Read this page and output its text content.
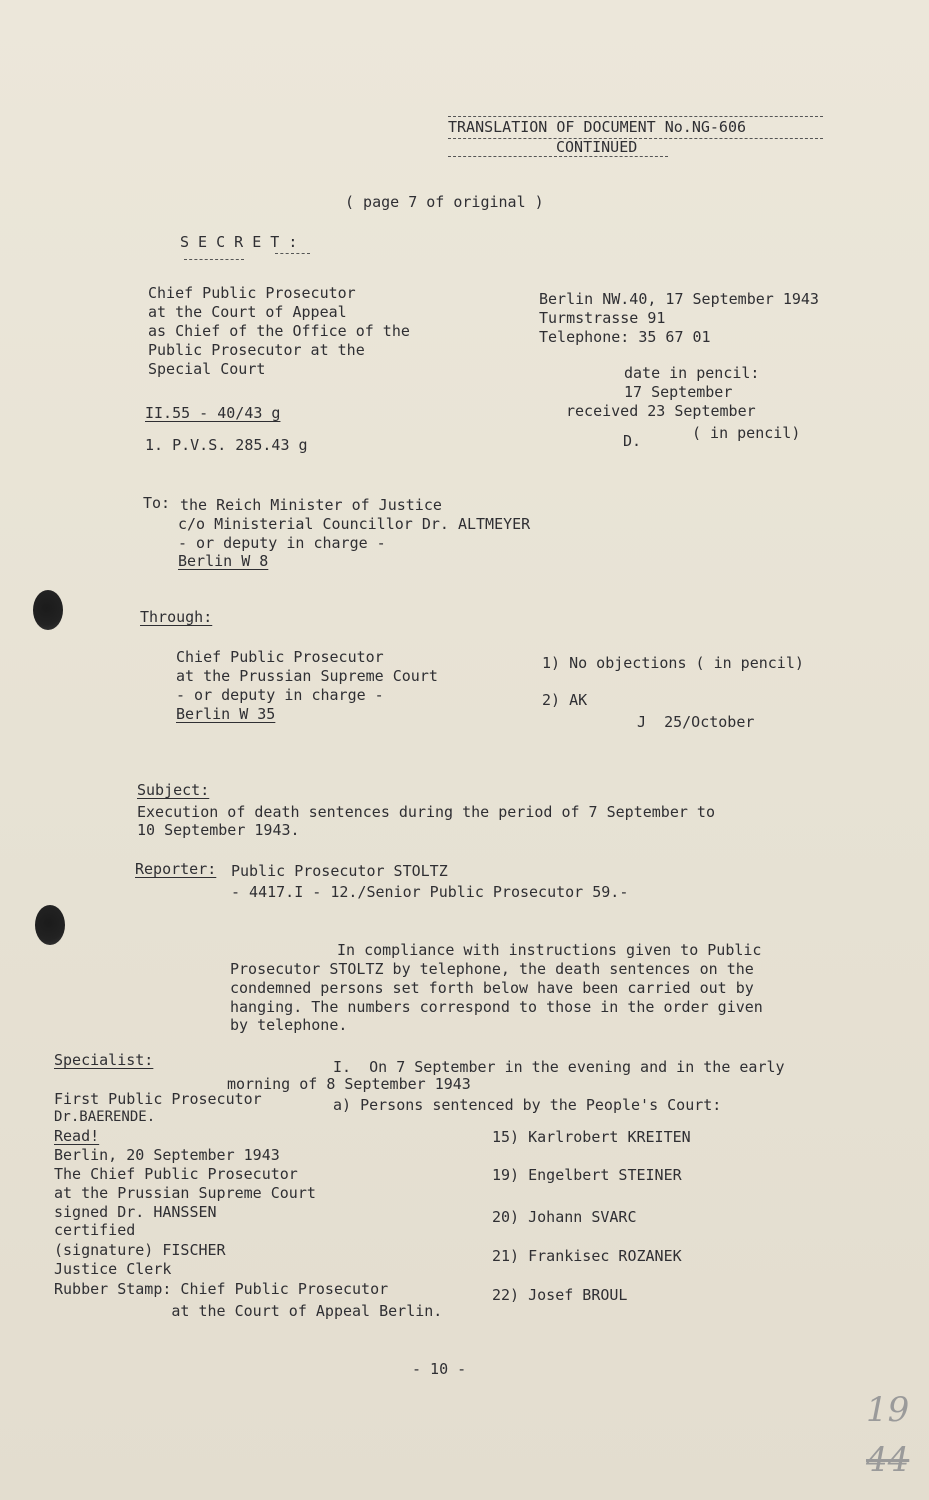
TRANSLATION OF DOCUMENT No.NG-606
CONTINUED
( page 7 of original )
S E C R E T :
Chief Public Prosecutor
at the Court of Appeal
as Chief of the Office of the
Public Prosecutor at the
Special Court
II.55 - 40/43 g
1. P.V.S. 285.43 g
Berlin NW.40, 17 September 1943
Turmstrasse 91
Telephone: 35 67 01
date in pencil:
17 September
received 23 September
( in pencil)
D.
To: the Reich Minister of Justice
c/o Ministerial Councillor Dr. ALTMEYER
- or deputy in charge -
Berlin W 8
Through:
Chief Public Prosecutor
at the Prussian Supreme Court
- or deputy in charge -
Berlin W 35
1) No objections ( in pencil)
2) AK
J  25/October
Subject:
Execution of death sentences during the period of 7 September to
10 September 1943.
Reporter: Public Prosecutor STOLTZ
- 4417.I - 12./Senior Public Prosecutor 59.-
In compliance with instructions given to Public
Prosecutor STOLTZ by telephone, the death sentences on the
condemned persons set forth below have been carried out by
hanging. The numbers correspond to those in the order given
by telephone.
I.  On 7 September in the evening and in the early
morning of 8 September 1943
a) Persons sentenced by the People's Court:
Specialist:
First Public Prosecutor
Dr.BAERENDE.
Read!
Berlin, 20 September 1943
The Chief Public Prosecutor
at the Prussian Supreme Court
signed Dr. HANSSEN
certified
(signature) FISCHER
Justice Clerk
Rubber Stamp: Chief Public Prosecutor
at the Court of Appeal Berlin.
15) Karlrobert KREITEN
19) Engelbert STEINER
20) Johann SVARC
21) Frankisec ROZANEK
22) Josef BROUL
- 10 -
19
44
